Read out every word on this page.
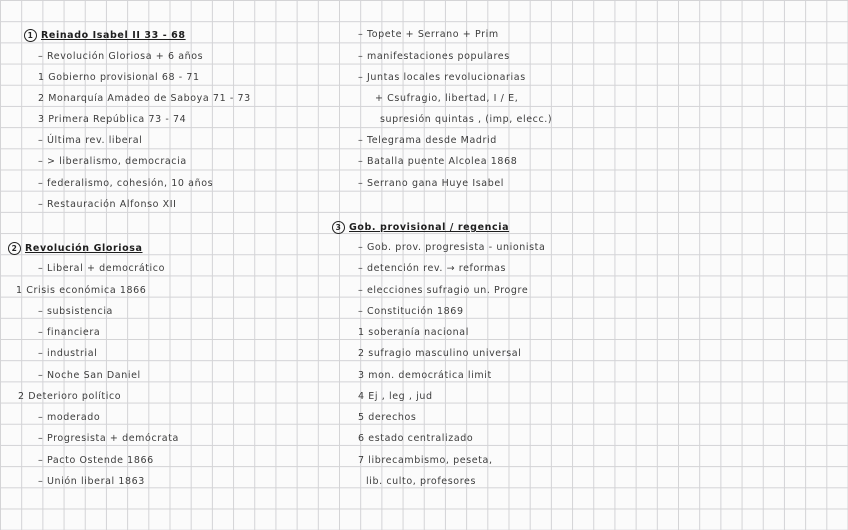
1 Reinado Isabel II 33 - 68
– Revolución Gloriosa + 6 años
1 Gobierno provisional 68 - 71
2 Monarquía Amadeo de Saboya 71 - 73
3 Primera República 73 - 74
– Última rev. liberal
– > liberalismo, democracia
– federalismo, cohesión, 10 años
– Restauración Alfonso XII
2 Revolución Gloriosa
– Liberal + democrático
1 Crisis económica 1866
– subsistencia
– financiera
– industrial
– Noche San Daniel
2 Deterioro político
– moderado
– Progresista + demócrata
– Pacto Ostende 1866
– Unión liberal 1863
– Topete + Serrano + Prim
– manifestaciones populares
– Juntas locales revolucionarias
+ Csufragio, libertad, I / E,
supresión quintas , (imp, elecc.)
– Telegrama desde Madrid
– Batalla puente Alcolea 1868
– Serrano gana Huye Isabel
3 Gob. provisional / regencia
– Gob. prov. progresista - unionista
– detención rev. → reformas
– elecciones sufragio un. Progre
– Constitución 1869
1 soberanía nacional
2 sufragio masculino universal
3 mon. democrática limit
4 Ej , leg , jud
5 derechos
6 estado centralizado
7 librecambismo, peseta,
lib. culto, profesores
